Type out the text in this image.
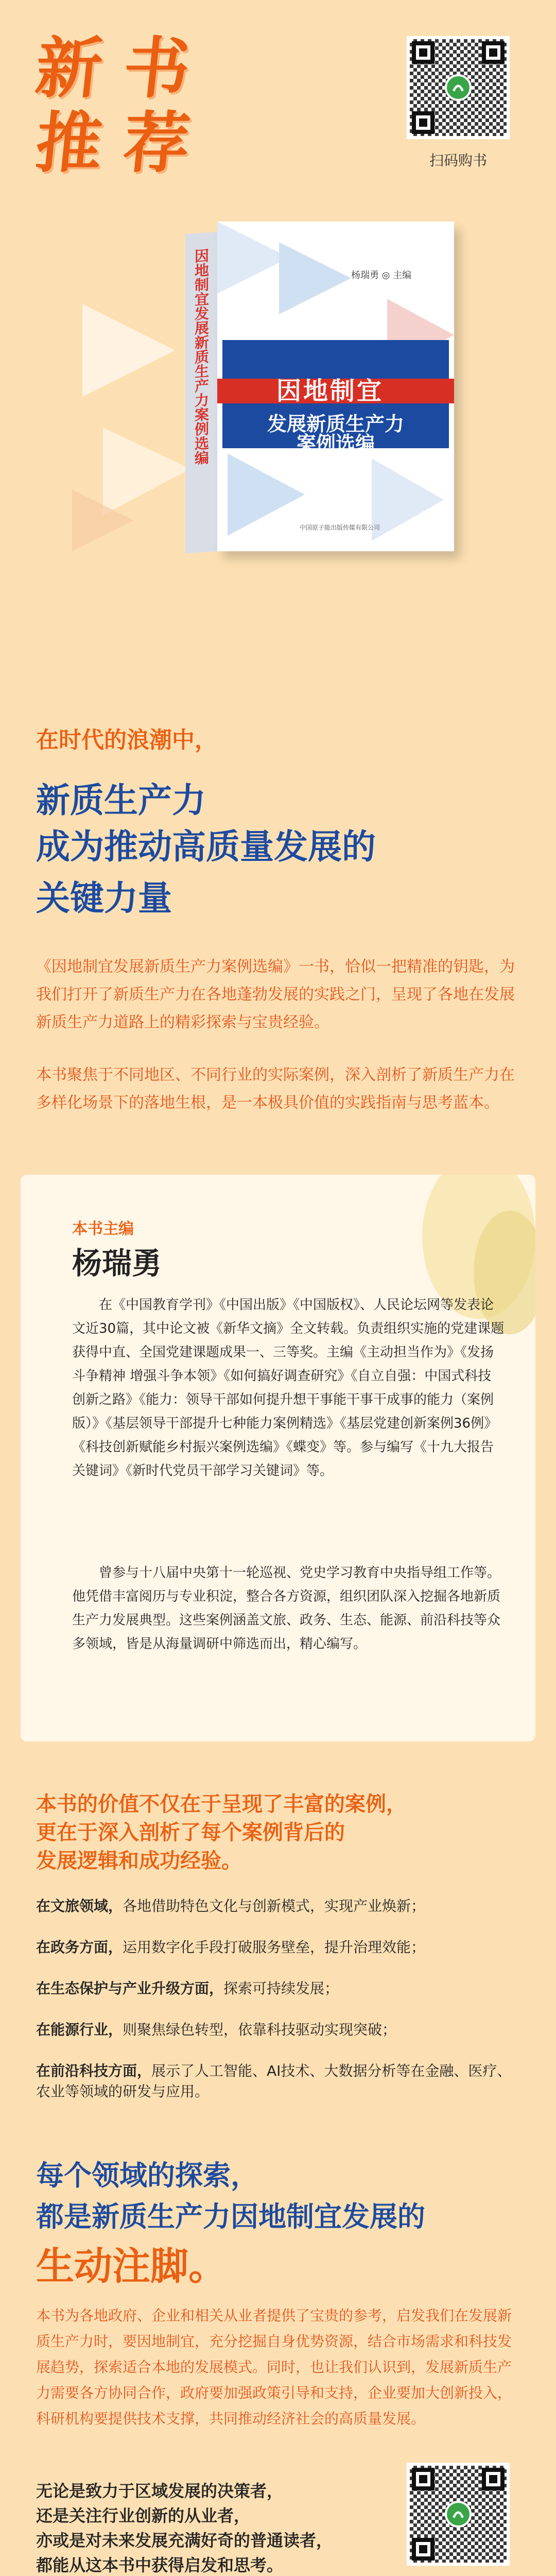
新 书
推 荐	扫码购书
因地制宜发展新质生产力案例选编	杨瑞勇 ◎ 主编
因地制宜
发展新质生产力
案例选编
中国原子能出版传媒有限公司
在时代的浪潮中，
新质生产力
成为推动高质量发展的
关键力量

《因地制宜发展新质生产力案例选编》一书，恰似一把精准的钥匙，为我们打开了新质生产力在各地蓬勃发展的实践之门，呈现了各地在发展新质生产力道路上的精彩探索与宝贵经验。

本书聚焦于不同地区、不同行业的实际案例，深入剖析了新质生产力在多样化场景下的落地生根，是一本极具价值的实践指南与思考蓝本。

本书主编
杨瑞勇

在《中国教育学刊》《中国出版》《中国版权》、人民论坛网等发表论文近30篇，其中论文被《新华文摘》全文转载。负责组织实施的党建课题获得中直、全国党建课题成果一、三等奖。主编《主动担当作为》《发扬斗争精神 增强斗争本领》《如何搞好调查研究》《自立自强：中国式科技创新之路》《能力：领导干部如何提升想干事能干事干成事的能力（案例版）》《基层领导干部提升七种能力案例精选》《基层党建创新案例36例》《科技创新赋能乡村振兴案例选编》《蝶变》等。参与编写《十九大报告关键词》《新时代党员干部学习关键词》等。

曾参与十八届中央第十一轮巡视、党史学习教育中央指导组工作等。他凭借丰富阅历与专业积淀，整合各方资源，组织团队深入挖掘各地新质生产力发展典型。这些案例涵盖文旅、政务、生态、能源、前沿科技等众多领域，皆是从海量调研中筛选而出，精心编写。

本书的价值不仅在于呈现了丰富的案例，
更在于深入剖析了每个案例背后的
发展逻辑和成功经验。
在文旅领域，各地借助特色文化与创新模式，实现产业焕新；
在政务方面，运用数字化手段打破服务壁垒，提升治理效能；
在生态保护与产业升级方面，探索可持续发展；
在能源行业，则聚焦绿色转型，依靠科技驱动实现突破；
在前沿科技方面，展示了人工智能、AI技术、大数据分析等在金融、医疗、农业等领域的研发与应用。
每个领域的探索，
都是新质生产力因地制宜发展的
生动注脚。

本书为各地政府、企业和相关从业者提供了宝贵的参考，启发我们在发展新质生产力时，要因地制宜，充分挖掘自身优势资源，结合市场需求和科技发展趋势，探索适合本地的发展模式。同时，也让我们认识到，发展新质生产力需要各方协同合作，政府要加强政策引导和支持，企业要加大创新投入，科研机构要提供技术支撑，共同推动经济社会的高质量发展。

无论是致力于区域发展的决策者，
还是关注行业创新的从业者，
亦或是对未来发展充满好奇的普通读者，
都能从这本书中获得启发和思考。
